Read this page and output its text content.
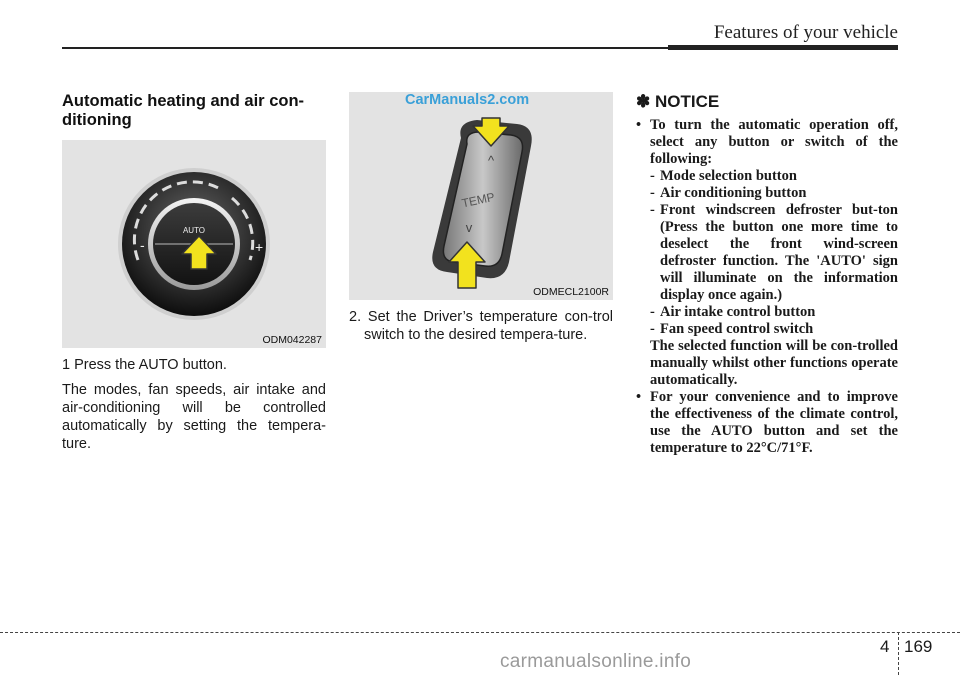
Features of your vehicle
Automatic heating and air con-ditioning
-	+
AUTO
ODM042287

1 Press the AUTO button.

The modes, fan speeds, air intake and air-conditioning will be controlled automatically by setting the tempera-ture.

^
v
TEMP
CarManuals2.com
ODMECL2100R

2. Set the Driver’s temperature con-trol switch to the desired tempera-ture.

✽ NOTICE
• To turn the automatic operation off, select any button or switch of the following:
- Mode selection button
- Air conditioning button
- Front windscreen defroster but-ton (Press the button one more time to deselect the front wind-screen defroster function. The 'AUTO' sign will illuminate on the information display once again.)
- Air intake control button
- Fan speed control switch
The selected function will be con-trolled manually whilst other functions operate automatically.
• For your convenience and to improve the effectiveness of the climate control, use the AUTO button and set the temperature to 22°C/71°F.
4 169
carmanualsonline.info
